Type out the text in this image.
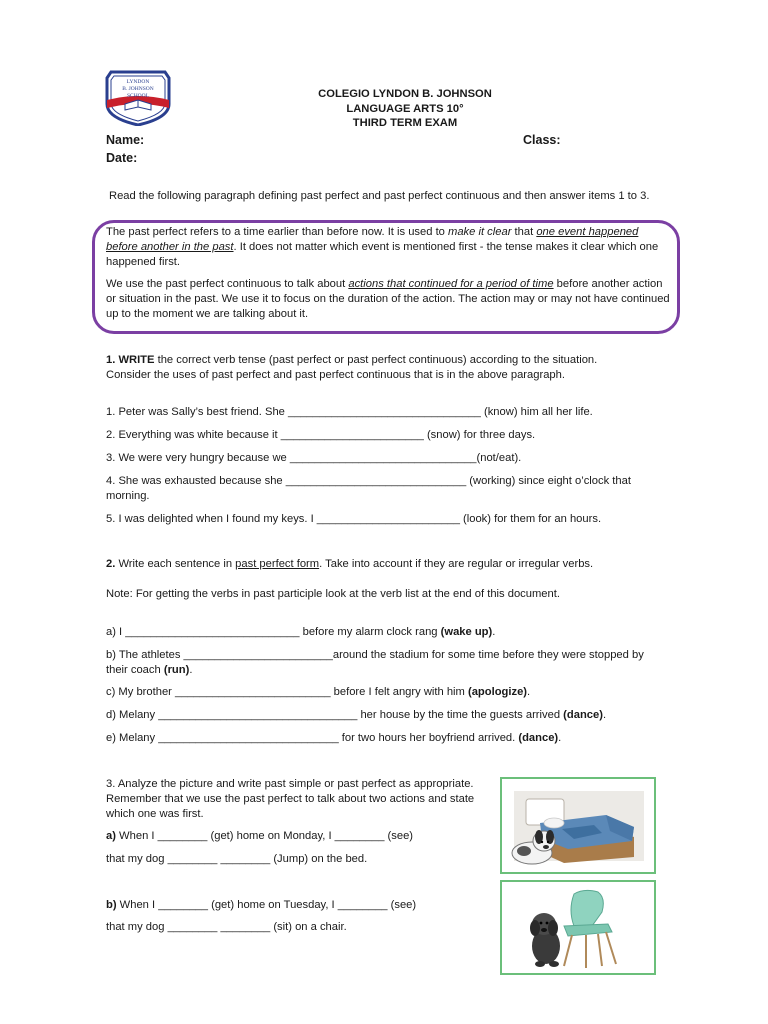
LYNDON
B. JOHNSON
SCHOOL	COLEGIO LYNDON B. JOHNSON
LANGUAGE ARTS 10°
THIRD TERM EXAM
Name:	Class:
Date:
Read the following paragraph defining past perfect and past perfect continuous and then answer items 1 to 3.
The past perfect refers to a time earlier than before now. It is used to make it clear that one event happened before another in the past. It does not matter which event is mentioned first - the tense makes it clear which one happened first.
We use the past perfect continuous to talk about actions that continued for a period of time before another action or situation in the past. We use it to focus on the duration of the action. The action may or may not have continued up to the moment we are talking about it.
1. WRITE the correct verb tense (past perfect or past perfect continuous) according to the situation. Consider the uses of past perfect and past perfect continuous that is in the above paragraph.
1. Peter was Sally’s best friend. She _______________________________ (know) him all her life.
2. Everything was white because it _______________________ (snow) for three days.
3. We were very hungry because we ______________________________(not/eat).
4. She was exhausted because she _____________________________ (working) since eight o’clock that morning.
5. I was delighted when I found my keys. I _______________________ (look) for them for an hours.
2. Write each sentence in past perfect form. Take into account if they are regular or irregular verbs.
Note: For getting the verbs in past participle look at the verb list at the end of this document.
a) I ____________________________ before my alarm clock rang (wake up).
b) The athletes ________________________around the stadium for some time before they were stopped by their coach (run).
c) My brother _________________________ before I felt angry with him (apologize).
d) Melany ________________________________ her house by the time the guests arrived (dance).
e) Melany _____________________________ for two hours her boyfriend arrived. (dance).
3. Analyze the picture and write past simple or past perfect as appropriate. Remember that we use the past perfect to talk about two actions and state which one was first.
a) When I ________ (get) home on Monday, I ________ (see)
that my dog ________ ________ (Jump) on the bed.
b) When I ________ (get) home on Tuesday, I ________ (see)
that my dog ________ ________ (sit) on a chair.
